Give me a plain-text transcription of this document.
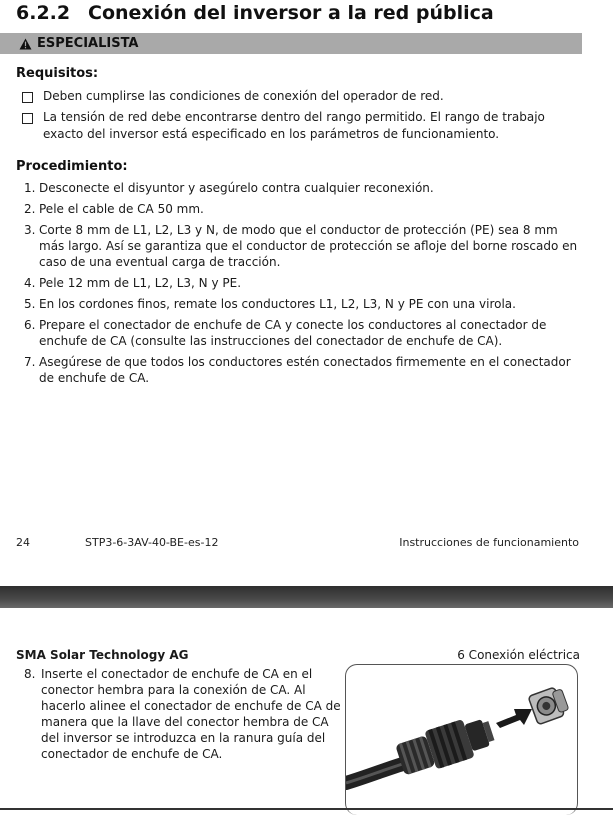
6.2.2 Conexión del inversor a la red pública
ESPECIALISTA
Requisitos:
Deben cumplirse las condiciones de conexión del operador de red.
La tensión de red debe encontrarse dentro del rango permitido. El rango de trabajo exacto del inversor está especificado en los parámetros de funcionamiento.
Procedimiento:
1. Desconecte el disyuntor y asegúrelo contra cualquier reconexión.
2. Pele el cable de CA 50 mm.
3. Corte 8 mm de L1, L2, L3 y N, de modo que el conductor de protección (PE) sea 8 mm más largo. Así se garantiza que el conductor de protección se afloje del borne roscado en caso de una eventual carga de tracción.
4. Pele 12 mm de L1, L2, L3, N y PE.
5. En los cordones finos, remate los conductores L1, L2, L3, N y PE con una virola.
6. Prepare el conectador de enchufe de CA y conecte los conductores al conectador de enchufe de CA (consulte las instrucciones del conectador de enchufe de CA).
7. Asegúrese de que todos los conductores estén conectados firmemente en el conectador de enchufe de CA.
24	STP3-6-3AV-40-BE-es-12	Instrucciones de funcionamiento
SMA Solar Technology AG	6 Conexión eléctrica
8. Inserte el conectador de enchufe de CA en el conector hembra para la conexión de CA. Al hacerlo alinee el conectador de enchufe de CA de manera que la llave del conector hembra de CA del inversor se introduzca en la ranura guía del conectador de enchufe de CA.
